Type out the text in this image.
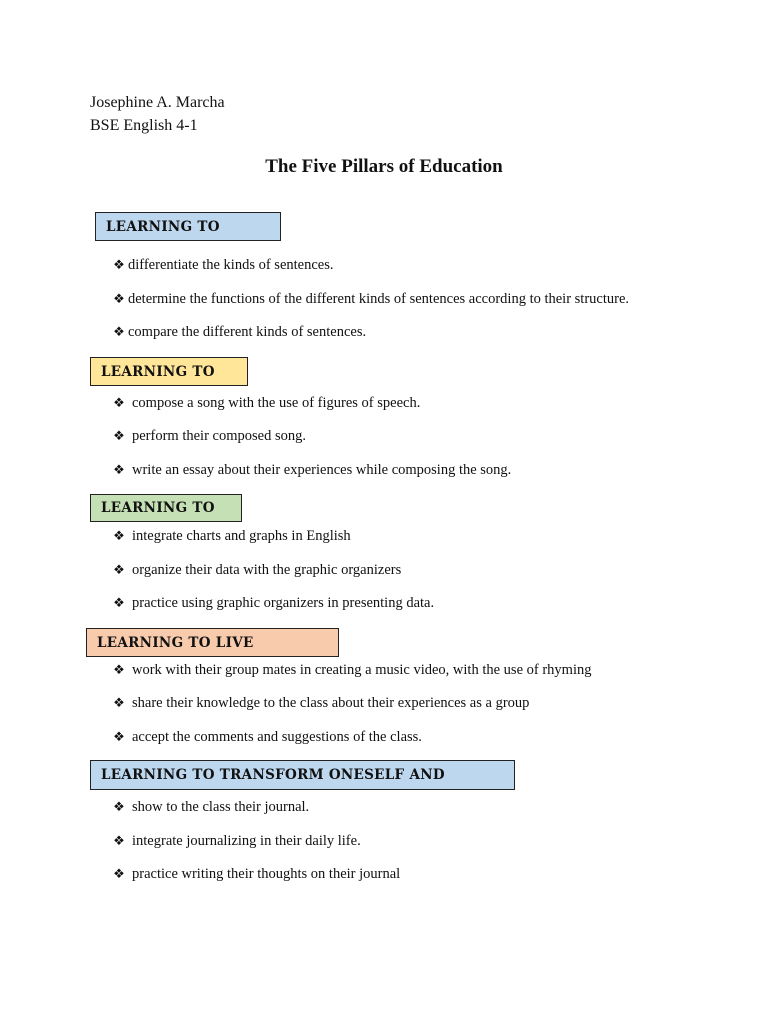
Josephine A. Marcha
BSE English 4-1
The Five Pillars of Education
LEARNING TO
❖ differentiate the kinds of sentences.
❖ determine the functions of the different kinds of sentences according to their structure.
❖ compare the different kinds of sentences.
LEARNING TO
❖ compose a song with the use of figures of speech.
❖ perform their composed song.
❖ write an essay about their experiences while composing the song.
LEARNING TO
❖ integrate charts and graphs in English
❖ organize their data with the graphic organizers
❖ practice using graphic organizers in presenting data.
LEARNING TO LIVE
❖ work with their group mates in creating a music video, with the use of rhyming
❖ share their knowledge to the class about their experiences as a group
❖ accept the comments and suggestions of the class.
LEARNING TO TRANSFORM ONESELF AND
❖ show to the class their journal.
❖ integrate journalizing in their daily life.
❖ practice writing their thoughts on their journal
